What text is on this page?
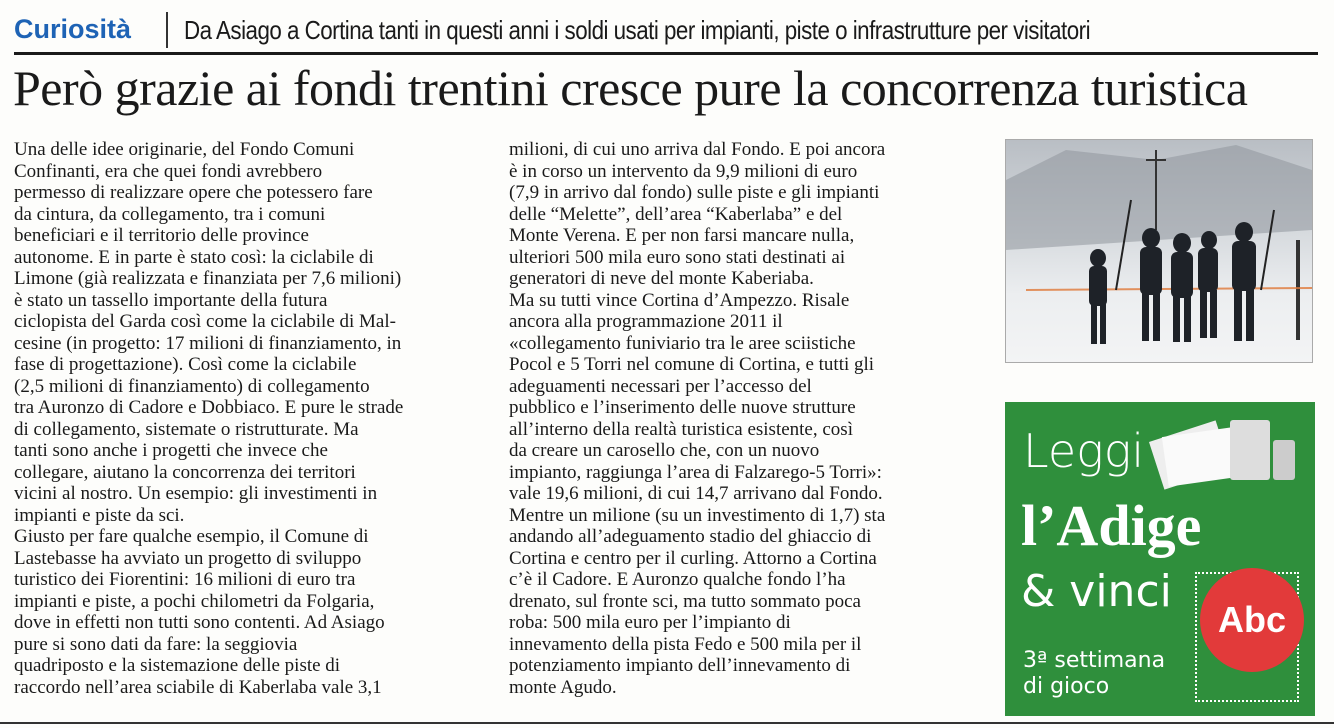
Curiosità Da Asiago a Cortina tanti in questi anni i soldi usati per impianti, piste o infrastrutture per visitatori
Però grazie ai fondi trentini cresce pure la concorrenza turistica
Una delle idee originarie, del Fondo Comuni
Confinanti, era che quei fondi avrebbero
permesso di realizzare opere che potessero fare
da cintura, da collegamento, tra i comuni
beneficiari e il territorio delle province
autonome. E in parte è stato così: la ciclabile di
Limone (già realizzata e finanziata per 7,6 milioni)
è stato un tassello importante della futura
ciclopista del Garda così come la ciclabile di Mal-
cesine (in progetto: 17 milioni di finanziamento, in
fase di progettazione). Così come la ciclabile
(2,5 milioni di finanziamento) di collegamento
tra Auronzo di Cadore e Dobbiaco. E pure le strade
di collegamento, sistemate o ristrutturate. Ma
tanti sono anche i progetti che invece che
collegare, aiutano la concorrenza dei territori
vicini al nostro. Un esempio: gli investimenti in
impianti e piste da sci.
Giusto per fare qualche esempio, il Comune di
Lastebasse ha avviato un progetto di sviluppo
turistico dei Fiorentini: 16 milioni di euro tra
impianti e piste, a pochi chilometri da Folgaria,
dove in effetti non tutti sono contenti. Ad Asiago
pure si sono dati da fare: la seggiovia
quadriposto e la sistemazione delle piste di
raccordo nell’area sciabile di Kaberlaba vale 3,1
milioni, di cui uno arriva dal Fondo. E poi ancora
è in corso un intervento da 9,9 milioni di euro
(7,9 in arrivo dal fondo) sulle piste e gli impianti
delle “Melette”, dell’area “Kaberlaba” e del
Monte Verena. E per non farsi mancare nulla,
ulteriori 500 mila euro sono stati destinati ai
generatori di neve del monte Kaberiaba.
Ma su tutti vince Cortina d’Ampezzo. Risale
ancora alla programmazione 2011 il
«collegamento funiviario tra le aree sciistiche
Pocol e 5 Torri nel comune di Cortina, e tutti gli
adeguamenti necessari per l’accesso del
pubblico e l’inserimento delle nuove strutture
all’interno della realtà turistica esistente, così
da creare un carosello che, con un nuovo
impianto, raggiunga l’area di Falzarego-5 Torri»:
vale 19,6 milioni, di cui 14,7 arrivano dal Fondo.
Mentre un milione (su un investimento di 1,7) sta
andando all’adeguamento stadio del ghiaccio di
Cortina e centro per il curling. Attorno a Cortina
c’è il Cadore. E Auronzo qualche fondo l’ha
drenato, sul fronte sci, ma tutto sommato poca
roba: 500 mila euro per l’impianto di
innevamento della pista Fedo e 500 mila per il
potenziamento impianto dell’innevamento di
monte Agudo.
Leggi
l’Adige
& vinci
3ª settimana
di gioco
Abc
